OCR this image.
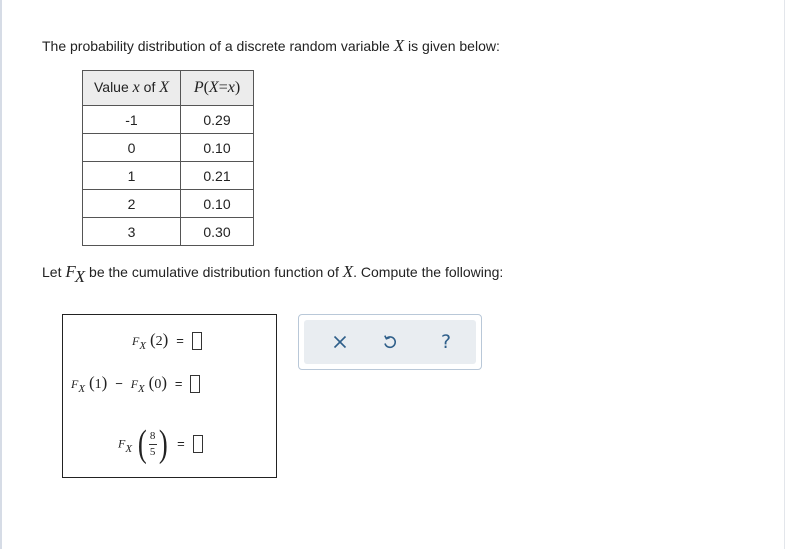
The probability distribution of a discrete random variable X is given below:
Value x of X	P(X=x)
-1	0.29
0	0.10
1	0.21
2	0.10
3	0.30
Let FX be the cumulative distribution function of X. Compute the following:
$F_X$ (2) =
$F_X$ $(1) - F_X$ (0) =
$F_X$ ( $\frac{8}{5}$) =
?
